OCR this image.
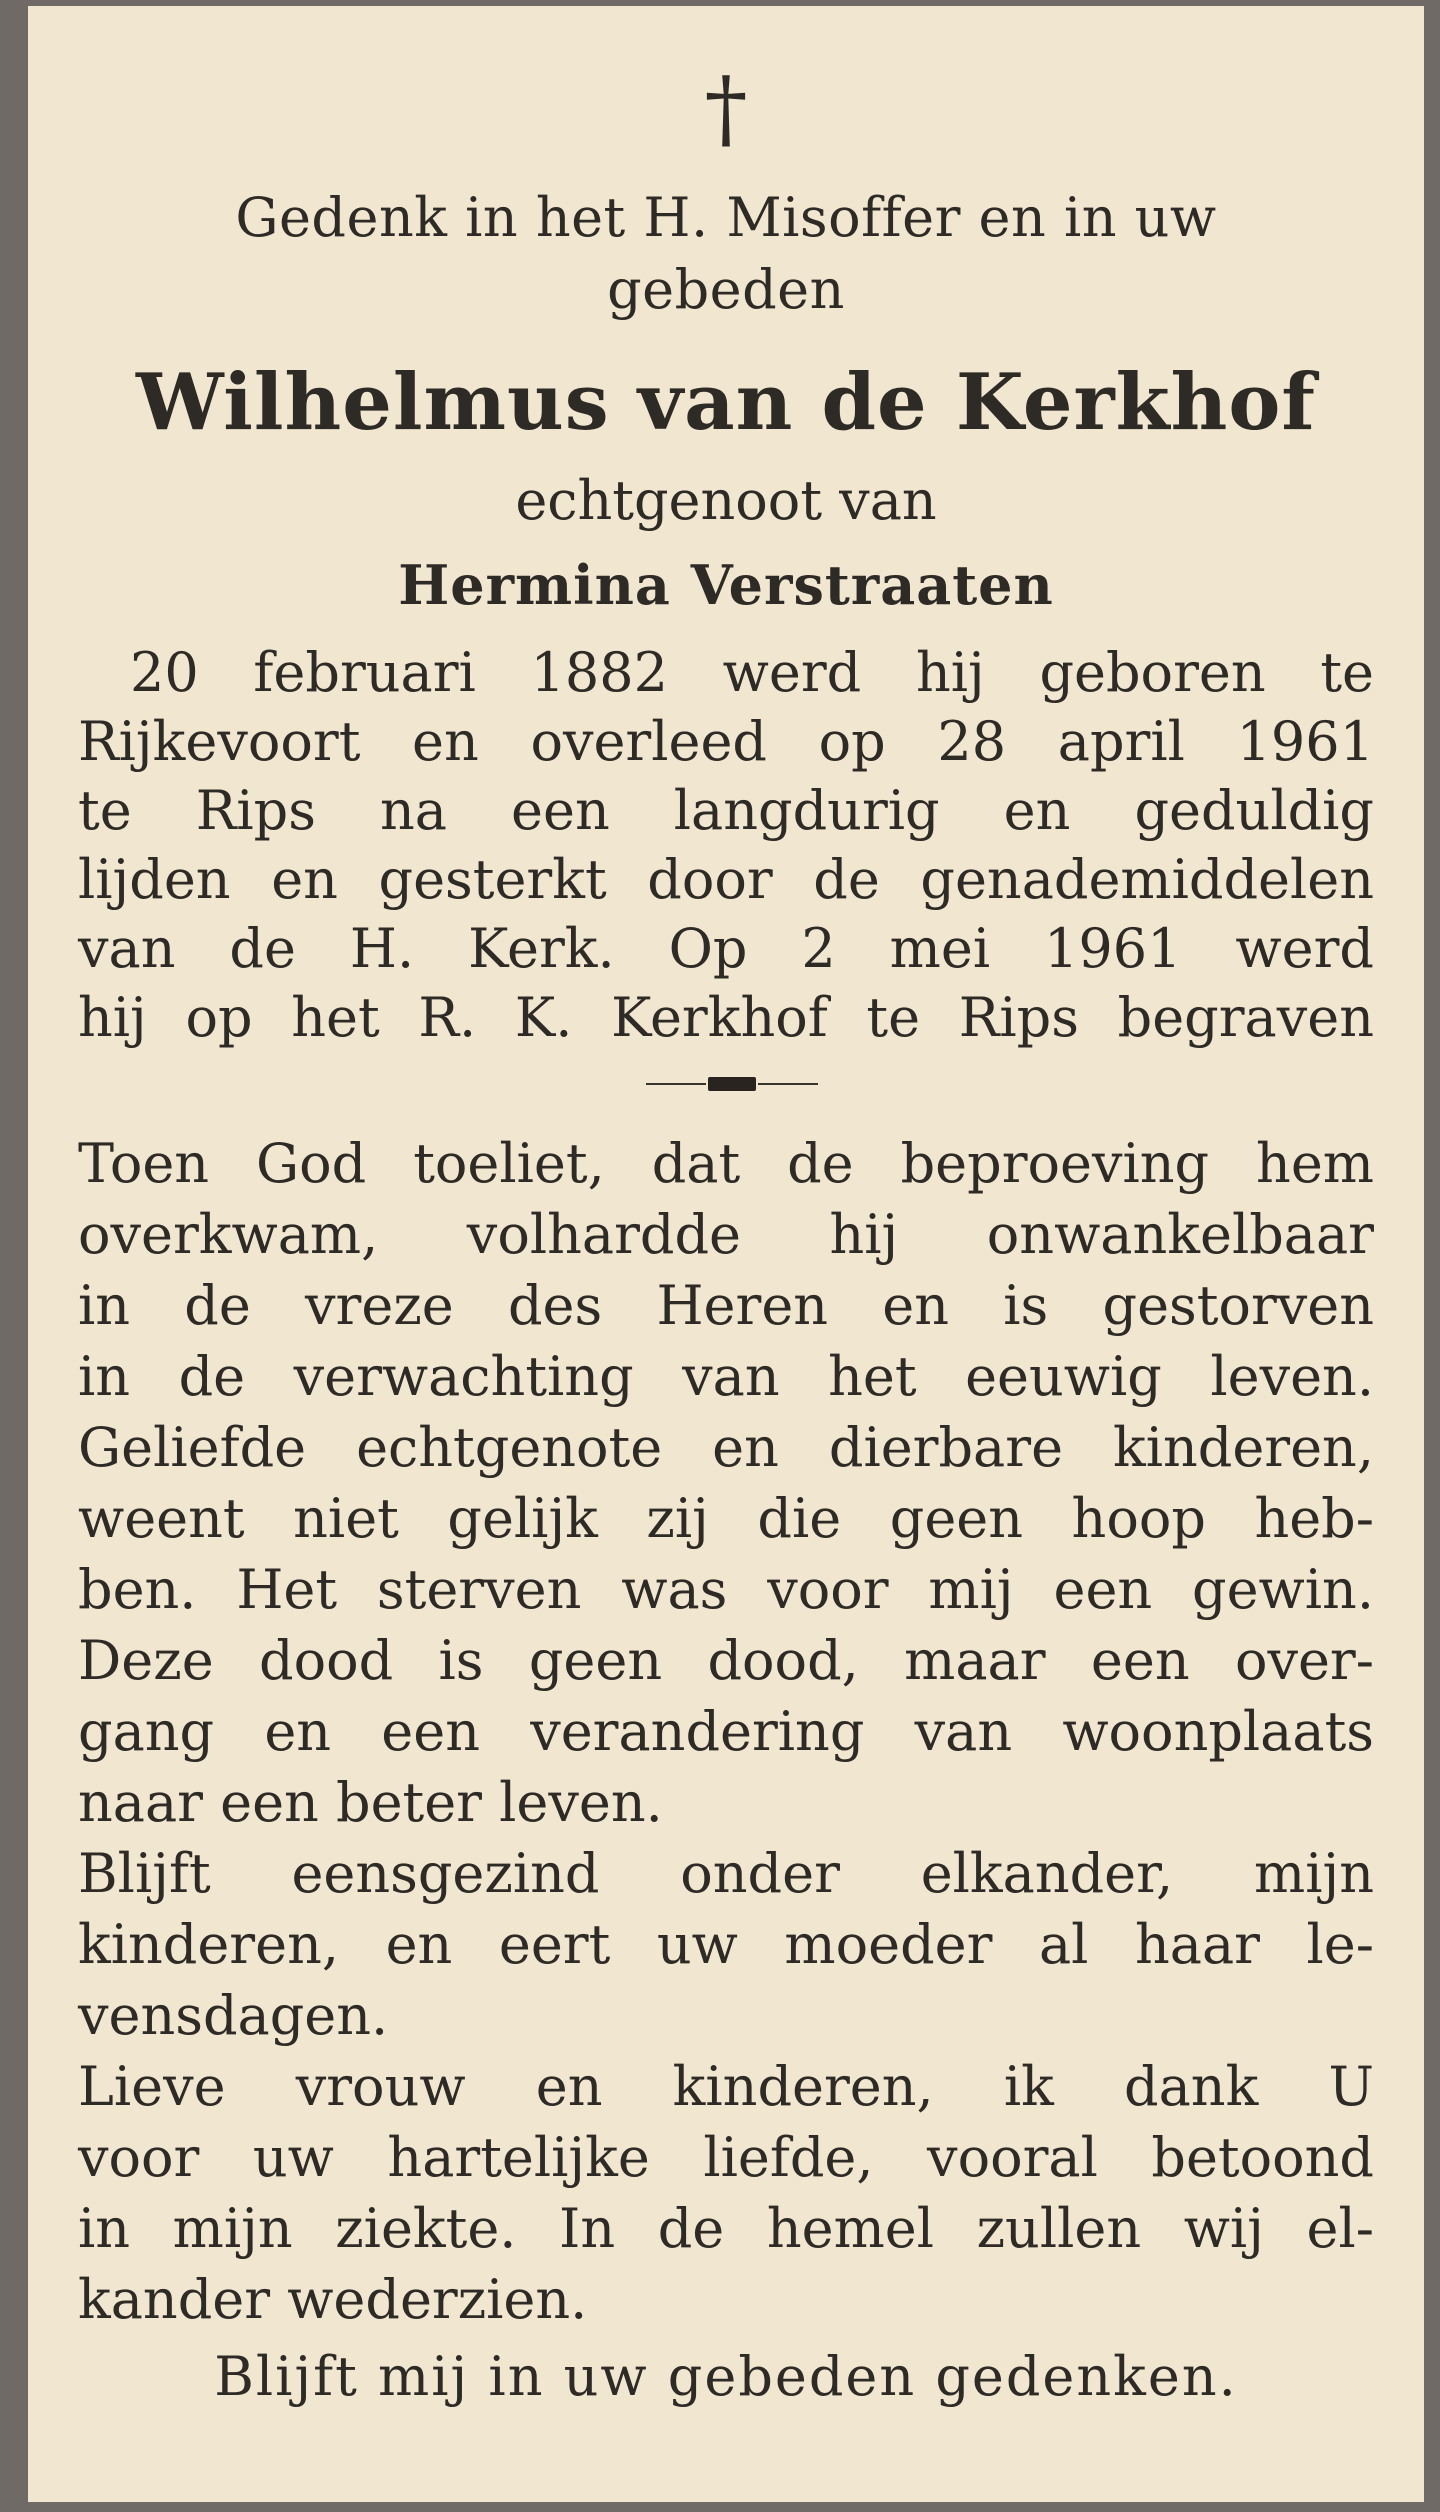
†
Gedenk in het H. Misoffer en in uw
gebeden
Wilhelmus van de Kerkhof
echtgenoot van
Hermina Verstraaten
20 februari 1882 werd hij geboren te
Rijkevoort en overleed op 28 april 1961
te Rips na een langdurig en geduldig
lijden en gesterkt door de genademiddelen
van de H. Kerk. Op 2 mei 1961 werd
hij op het R. K. Kerkhof te Rips begraven
Toen God toeliet, dat de beproeving hem
overkwam, volhardde hij onwankelbaar
in de vreze des Heren en is gestorven
in de verwachting van het eeuwig leven.
Geliefde echtgenote en dierbare kinderen,
weent niet gelijk zij die geen hoop heb-
ben. Het sterven was voor mij een gewin.
Deze dood is geen dood, maar een over-
gang en een verandering van woonplaats
naar een beter leven.
Blijft eensgezind onder elkander, mijn
kinderen, en eert uw moeder al haar le-
vensdagen.
Lieve vrouw en kinderen, ik dank U
voor uw hartelijke liefde, vooral betoond
in mijn ziekte. In de hemel zullen wij el-
kander wederzien.
Blijft mij in uw gebeden gedenken.
